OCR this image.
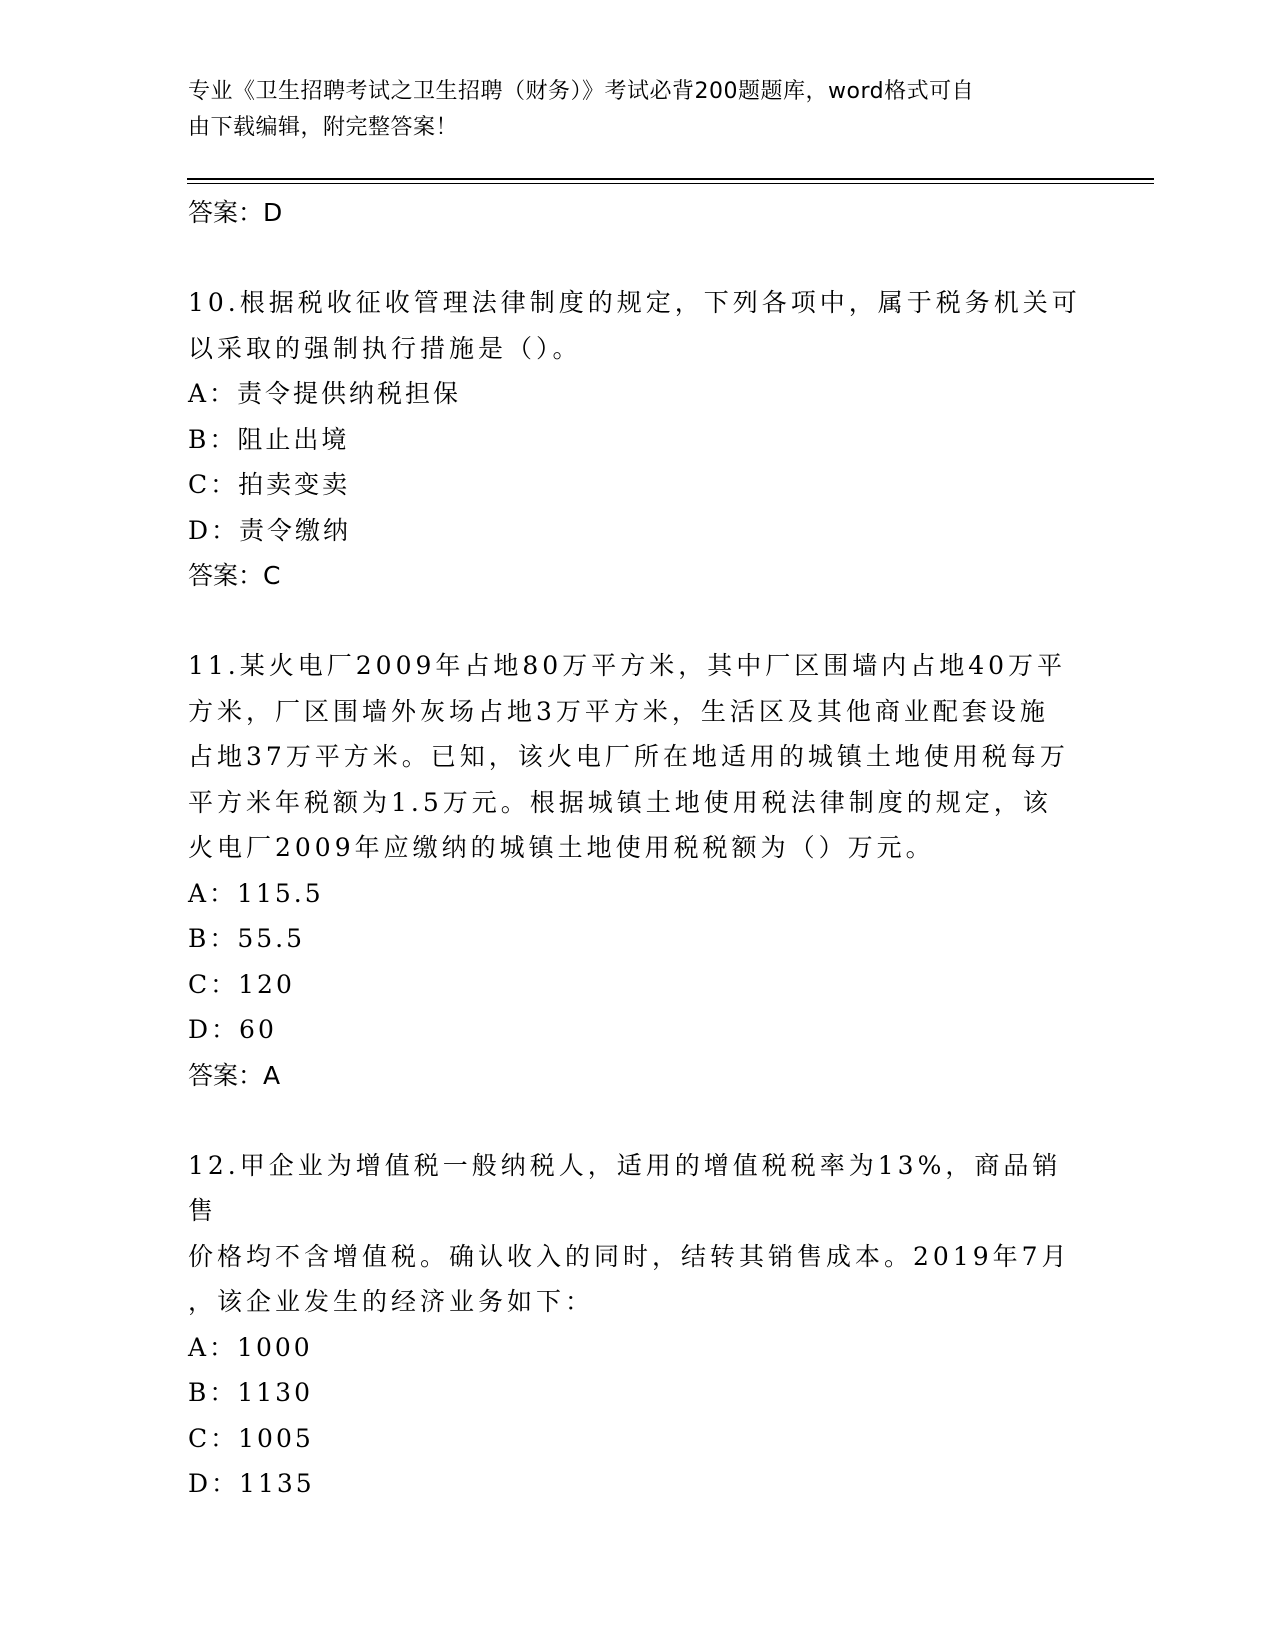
专业《卫生招聘考试之卫生招聘（财务）》考试必背200题题库，word格式可自
由下载编辑，附完整答案！
答案：D
10.根据税收征收管理法律制度的规定，下列各项中，属于税务机关可
以采取的强制执行措施是（）。
A：责令提供纳税担保
B：阻止出境
C：拍卖变卖
D：责令缴纳
答案：C
11.某火电厂2009年占地80万平方米，其中厂区围墙内占地40万平
方米，厂区围墙外灰场占地3万平方米，生活区及其他商业配套设施
占地37万平方米。已知，该火电厂所在地适用的城镇土地使用税每万
平方米年税额为1.5万元。根据城镇土地使用税法律制度的规定，该
火电厂2009年应缴纳的城镇土地使用税税额为（）万元。
A：115.5
B：55.5
C：120
D：60
答案：A
12.甲企业为增值税一般纳税人，适用的增值税税率为13%，商品销售
价格均不含增值税。确认收入的同时，结转其销售成本。2019年7月
，该企业发生的经济业务如下：
A：1000
B：1130
C：1005
D：1135
